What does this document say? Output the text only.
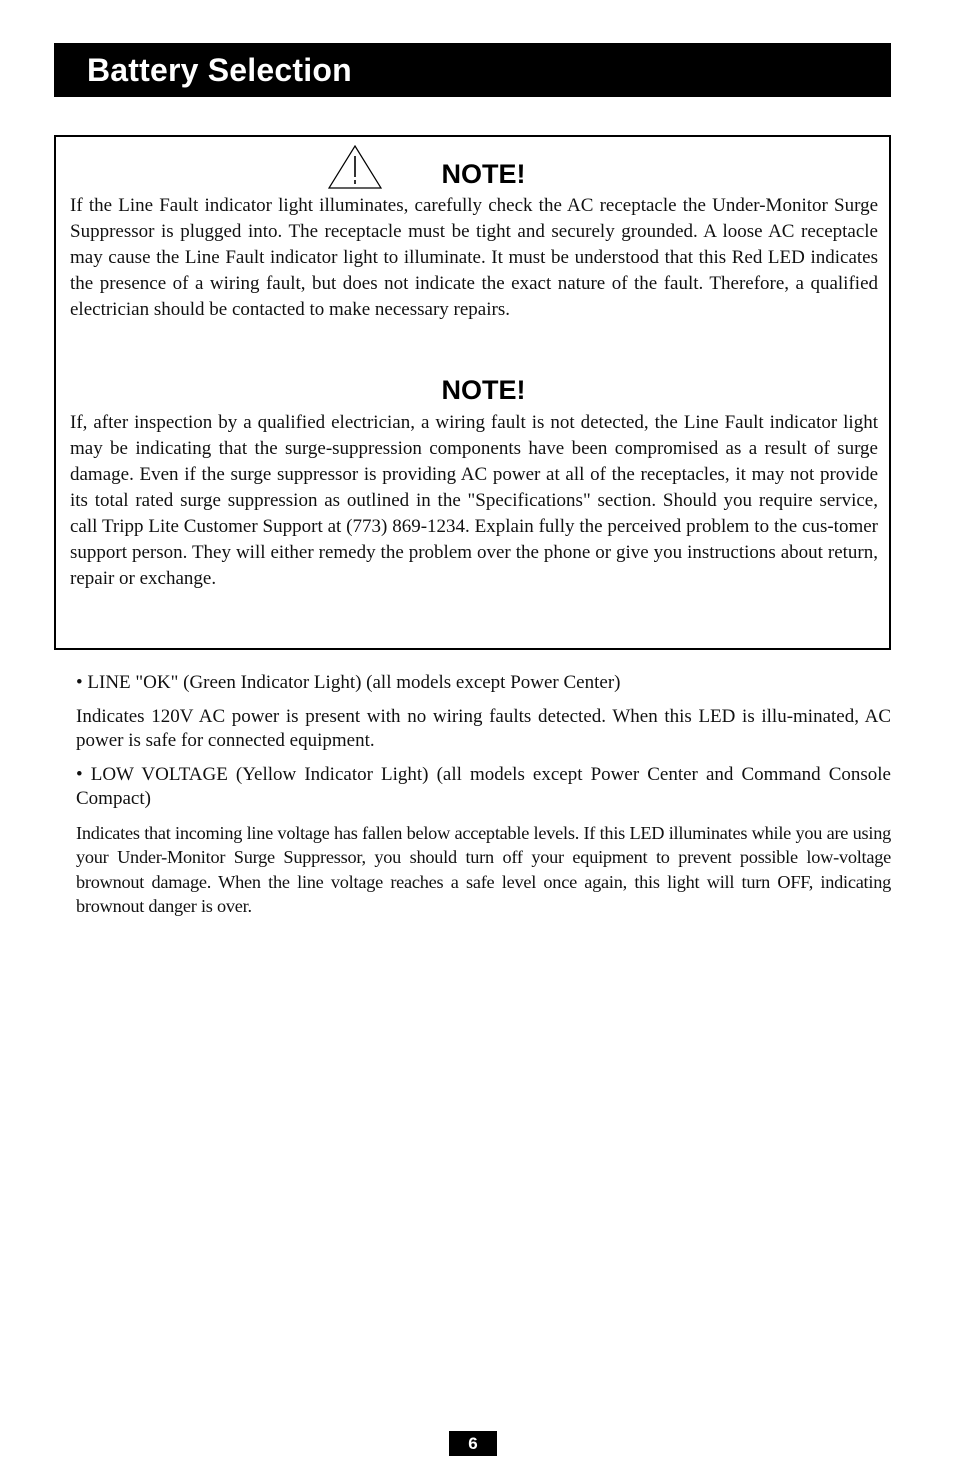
Battery Selection
NOTE!

If the Line Fault indicator light illuminates, carefully check the AC receptacle the Under-Monitor Surge Suppressor is plugged into. The receptacle must be tight and securely grounded. A loose AC receptacle may cause the Line Fault indicator light to illuminate. It must be understood that this Red LED indicates the presence of a wiring fault, but does not indicate the exact nature of the fault. Therefore, a qualified electrician should be contacted to make necessary repairs.

NOTE!

If, after inspection by a qualified electrician, a wiring fault is not detected, the Line Fault indicator light may be indicating that the surge-suppression components have been compromised as a result of surge damage. Even if the surge suppressor is providing AC power at all of the receptacles, it may not provide its total rated surge suppression as outlined in the "Specifications" section. Should you require service, call Tripp Lite Customer Support at (773) 869-1234. Explain fully the perceived problem to the cus-tomer support person. They will either remedy the problem over the phone or give you instructions about return, repair or exchange.

• LINE "OK" (Green Indicator Light) (all models except Power Center)

Indicates 120V AC power is present with no wiring faults detected. When this LED is illu-minated, AC power is safe for connected equipment.

• LOW VOLTAGE (Yellow Indicator Light) (all models except Power Center and Command Console Compact)

Indicates that incoming line voltage has fallen below acceptable levels. If this LED illuminates while you are using your Under-Monitor Surge Suppressor, you should turn off your equipment to prevent possible low-voltage brownout damage. When the line voltage reaches a safe level once again, this light will turn OFF, indicating brownout danger is over.

6
